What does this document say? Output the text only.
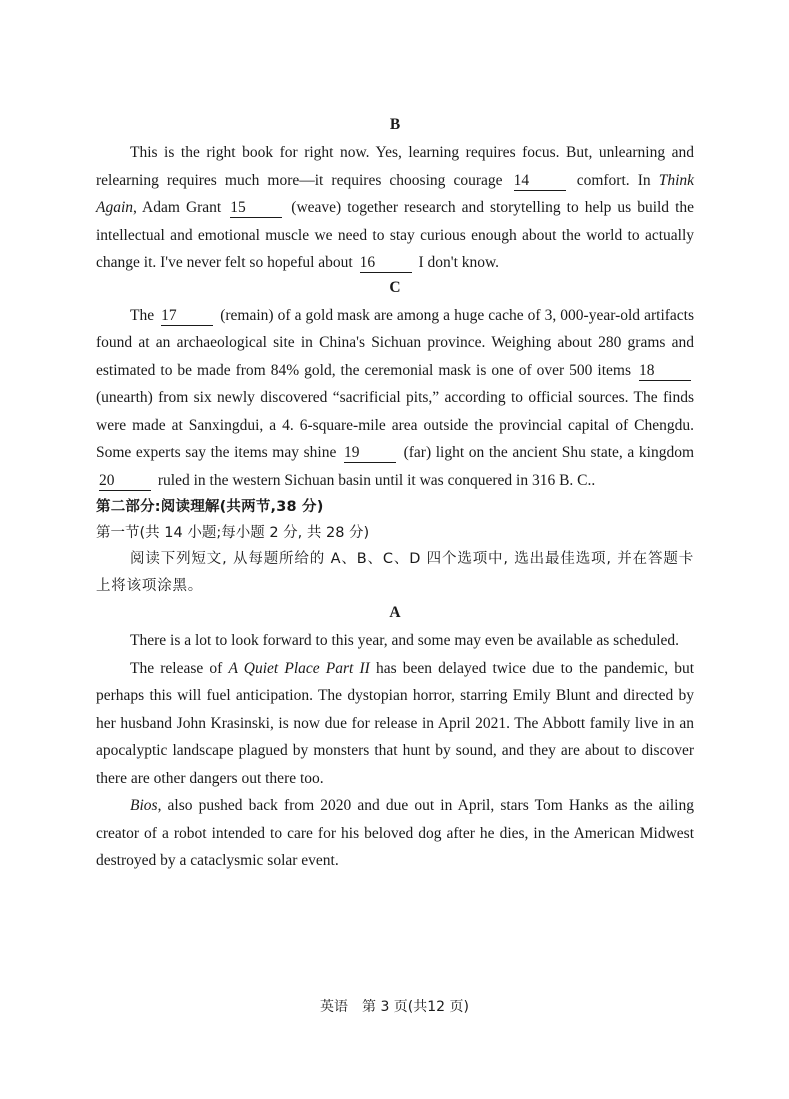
B

This is the right book for right now. Yes, learning requires focus. But, unlearning and relearning requires much more—it requires choosing courage 14	comfort. In Think Again, Adam Grant 15	(weave) together research and storytelling to help us build the intellectual and emotional muscle we need to stay curious enough about the world to actually change it. I've never felt so hopeful about 16	I don't know.

C

The 17	(remain) of a gold mask are among a huge cache of 3, 000-year-old artifacts found at an archaeological site in China's Sichuan province. Weighing about 280 grams and estimated to be made from 84% gold, the ceremonial mask is one of over 500 items 18 (unearth) from six newly discovered “sacrificial pits,” according to official sources. The finds were made at Sanxingdui, a 4. 6-square-mile area outside the provincial capital of Chengdu. Some experts say the items may shine 19	(far) light on the ancient Shu state, a kingdom 20	ruled in the western Sichuan basin until it was conquered in 316 B. C..

第二部分:阅读理解(共两节,38 分)

第一节(共 14 小题;每小题 2 分, 共 28 分)

阅读下列短文, 从每题所给的 A、B、C、D 四个选项中, 选出最佳选项, 并在答题卡上将该项涂黑。

A

There is a lot to look forward to this year, and some may even be available as scheduled.

The release of A Quiet Place Part II has been delayed twice due to the pandemic, but perhaps this will fuel anticipation. The dystopian horror, starring Emily Blunt and directed by her husband John Krasinski, is now due for release in April 2021. The Abbott family live in an apocalyptic landscape plagued by monsters that hunt by sound, and they are about to discover there are other dangers out there too.

Bios, also pushed back from 2020 and due out in April, stars Tom Hanks as the ailing creator of a robot intended to care for his beloved dog after he dies, in the American Midwest destroyed by a cataclysmic solar event.

英语　第 3 页(共12 页)
